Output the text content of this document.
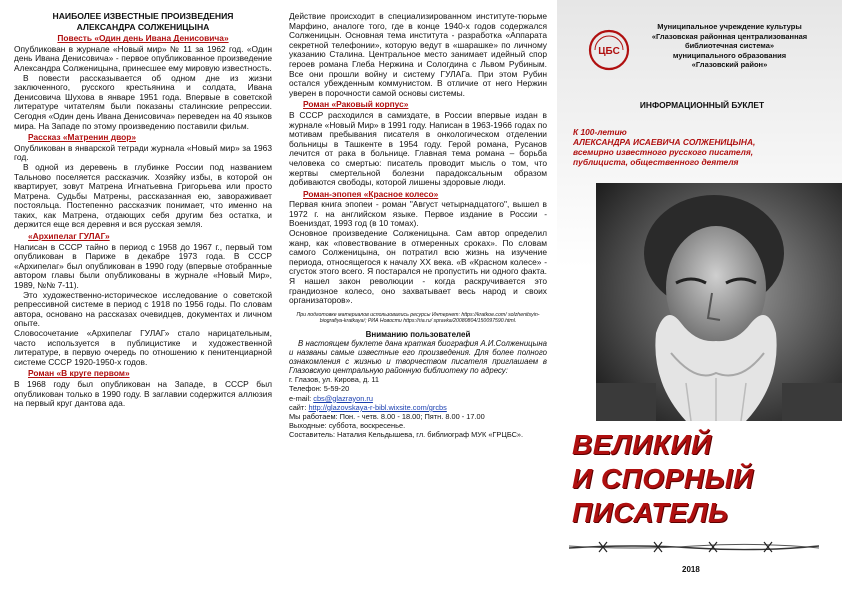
НАИБОЛЕЕ ИЗВЕСТНЫЕ ПРОИЗВЕДЕНИЯ
АЛЕКСАНДРА СОЛЖЕНИЦЫНА
Повесть «Один день Ивана Денисовича»

Опубликован в журнале «Новый мир» № 11 за 1962 год. «Один день Ивана Денисовича» - первое опубликованное произведение Александра Солженицына, принесшее ему мировую известность.

В повести рассказывается об одном дне из жизни заключенного, русского крестьянина и солдата, Ивана Денисовича Шухова в январе 1951 года. Впервые в советской литературе читателям были показаны сталинские репрессии. Сегодня «Один день Ивана Денисовича» переведен на 40 языков мира. На Западе по этому произведению поставили фильм.

Рассказ «Матренин двор»

Опубликован в январской тетради журнала «Новый мир» за 1963 год.

В одной из деревень в глубинке России под названием Тальново поселяется рассказчик. Хозяйку избы, в которой он квартирует, зовут Матрена Игнатьевна Григорьева или просто Матрена. Судьбы Матрены, рассказанная ею, завораживает постояльца. Постепенно рассказчик понимает, что именно на таких, как Матрена, отдающих себя другим без остатка, и держится еще вся деревня и вся русская земля.

«Архипелаг ГУЛАГ»

Написан в СССР тайно в период с 1958 до 1967 г., первый том опубликован в Париже в декабре 1973 года. В СССР «Архипелаг» был опубликован в 1990 году (впервые отобранные автором главы были опубликованы в журнале «Новый Мир», 1989, №№ 7-11).

Это художественно-историческое исследование о советской репрессивной системе в период с 1918 по 1956 годы. По словам автора, основано на рассказах очевидцев, документах и личном опыте.

Словосочетание «Архипелаг ГУЛАГ» стало нарицательным, часто используется в публицистике и художественной литературе, в первую очередь по отношению к пенитенциарной системе СССР 1920-1950-х годов.

Роман «В круге первом»

В 1968 году был опубликован на Западе, в СССР был опубликован только в 1990 году. В заглавии содержится аллюзия на первый круг дантова ада.

Действие происходит в специализированном институте-тюрьме Марфино, аналоге того, где в конце 1940-х годов содержался Солженицын. Основная тема института - разработка «Аппарата секретной телефонии», которую ведут в «шарашке» по личному указанию Сталина. Центральное место занимает идейный спор героев романа Глеба Нержина и Сологдина с Львом Рубиным. Все они прошли войну и систему ГУЛАГа. При этом Рубин остался убежденным коммунистом. В отличие от него Нержин уверен в порочности самой основы системы.

Роман «Раковый корпус»

В СССР расходился в самиздате, в России впервые издан в журнале «Новый Мир» в 1991 году. Написан в 1963-1966 годах по мотивам пребывания писателя в онкологическом отделении больницы в Ташкенте в 1954 году. Герой романа, Русанов лечится от рака в больнице. Главная тема романа – борьба человека со смертью: писатель проводит мысль о том, что жертвы смертельной болезни парадоксальным образом добиваются свободы, которой лишены здоровые люди.

Роман-эпопея «Красное колесо»

Первая книга эпопеи - роман "Август четырнадцатого", вышел в 1972 г. на английском языке. Первое издание в России - Воениздат, 1993 год (в 10 томах).

Основное произведение Солженицына. Сам автор определил жанр, как «повествование в отмеренных сроках». По словам самого Солженицына, он потратил всю жизнь на изучение периода, относящегося к началу ХХ века. «В «Красном колесе» - сгусток этого всего. Я постарался не пропустить ни одного факта. Я нашел закон революции - когда раскручивается это грандиозное колесо, оно захватывает весь народ и своих организаторов».

При подготовке материалов использовались ресурсы Интернет: https://kratkoe.com/ solzhenitsyin-biografiya-kratkaya/; РИА Новости https://ria.ru/ spravka/20080804/150097590.html.
Вниманию пользователей
В настоящем буклете дана краткая биография А.И.Солженицына и названы самые известные его произведения. Для более полного ознакомления с жизнью и творчеством писателя приглашаем в Глазовскую центральную районную библиотеку по адресу:
г. Глазов, ул. Кирова, д. 11
Телефон: 5-59-20
e-mail: cbs@glazrayon.ru
сайт: http://glazovskaya-r-bibl.wixsite.com/grcbs
Мы работаем: Пон. - четв. 8.00 - 18.00; Пятн. 8.00 - 17.00
Выходные: суббота, воскресенье.
Составитель: Наталия Кельдышева, гл. библиограф МУК «ГРЦБС».
ЦБС
Муниципальное учреждение культуры
«Глазовская районная централизованная
библиотечная система»
муниципального образования
«Глазовский район»
ИНФОРМАЦИОННЫЙ БУКЛЕТ
К 100-летию
АЛЕКСАНДРА ИСАЕВИЧА СОЛЖЕНИЦЫНА,
всемирно известного русского писателя,
публициста, общественного деятеля
ВЕЛИКИЙ
И СПОРНЫЙ
ПИСАТЕЛЬ
2018
